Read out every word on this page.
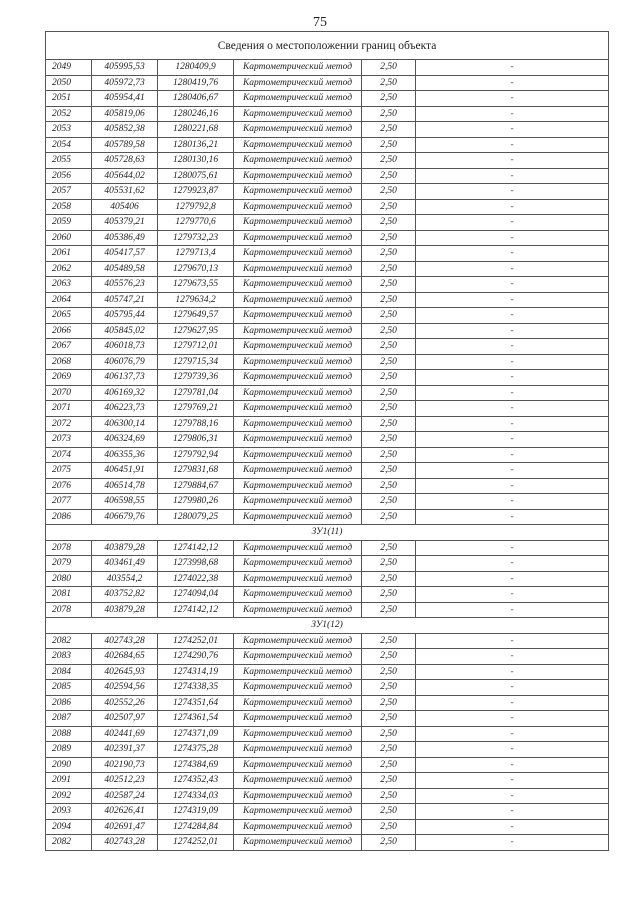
75
Сведения о местоположении границ объекта					
2049	405995,53	1280409,9	Картометрический метод	2,50	-
2050	405972,73	1280419,76	Картометрический метод	2,50	-
2051	405954,41	1280406,67	Картометрический метод	2,50	-
2052	405819,06	1280246,16	Картометрический метод	2,50	-
2053	405852,38	1280221,68	Картометрический метод	2,50	-
2054	405789,58	1280136,21	Картометрический метод	2,50	-
2055	405728,63	1280130,16	Картометрический метод	2,50	-
2056	405644,02	1280075,61	Картометрический метод	2,50	-
2057	405531,62	1279923,87	Картометрический метод	2,50	-
2058	405406	1279792,8	Картометрический метод	2,50	-
2059	405379,21	1279770,6	Картометрический метод	2,50	-
2060	405386,49	1279732,23	Картометрический метод	2,50	-
2061	405417,57	1279713,4	Картометрический метод	2,50	-
2062	405489,58	1279670,13	Картометрический метод	2,50	-
2063	405576,23	1279673,55	Картометрический метод	2,50	-
2064	405747,21	1279634,2	Картометрический метод	2,50	-
2065	405795,44	1279649,57	Картометрический метод	2,50	-
2066	405845,02	1279627,95	Картометрический метод	2,50	-
2067	406018,73	1279712,01	Картометрический метод	2,50	-
2068	406076,79	1279715,34	Картометрический метод	2,50	-
2069	406137,73	1279739,36	Картометрический метод	2,50	-
2070	406169,32	1279781,04	Картометрический метод	2,50	-
2071	406223,73	1279769,21	Картометрический метод	2,50	-
2072	406300,14	1279788,16	Картометрический метод	2,50	-
2073	406324,69	1279806,31	Картометрический метод	2,50	-
2074	406355,36	1279792,94	Картометрический метод	2,50	-
2075	406451,91	1279831,68	Картометрический метод	2,50	-
2076	406514,78	1279884,67	Картометрический метод	2,50	-
2077	406598,55	1279980,26	Картометрический метод	2,50	-
2086	406679,76	1280079,25	Картометрический метод	2,50	-
ЗУ1(11)					
2078	403879,28	1274142,12	Картометрический метод	2,50	-
2079	403461,49	1273998,68	Картометрический метод	2,50	-
2080	403554,2	1274022,38	Картометрический метод	2,50	-
2081	403752,82	1274094,04	Картометрический метод	2,50	-
2078	403879,28	1274142,12	Картометрический метод	2,50	-
ЗУ1(12)					
2082	402743,28	1274252,01	Картометрический метод	2,50	-
2083	402684,65	1274290,76	Картометрический метод	2,50	-
2084	402645,93	1274314,19	Картометрический метод	2,50	-
2085	402594,56	1274338,35	Картометрический метод	2,50	-
2086	402552,26	1274351,64	Картометрический метод	2,50	-
2087	402507,97	1274361,54	Картометрический метод	2,50	-
2088	402441,69	1274371,09	Картометрический метод	2,50	-
2089	402391,37	1274375,28	Картометрический метод	2,50	-
2090	402190,73	1274384,69	Картометрический метод	2,50	-
2091	402512,23	1274352,43	Картометрический метод	2,50	-
2092	402587,24	1274334,03	Картометрический метод	2,50	-
2093	402626,41	1274319,09	Картометрический метод	2,50	-
2094	402691,47	1274284,84	Картометрический метод	2,50	-
2082	402743,28	1274252,01	Картометрический метод	2,50	-
